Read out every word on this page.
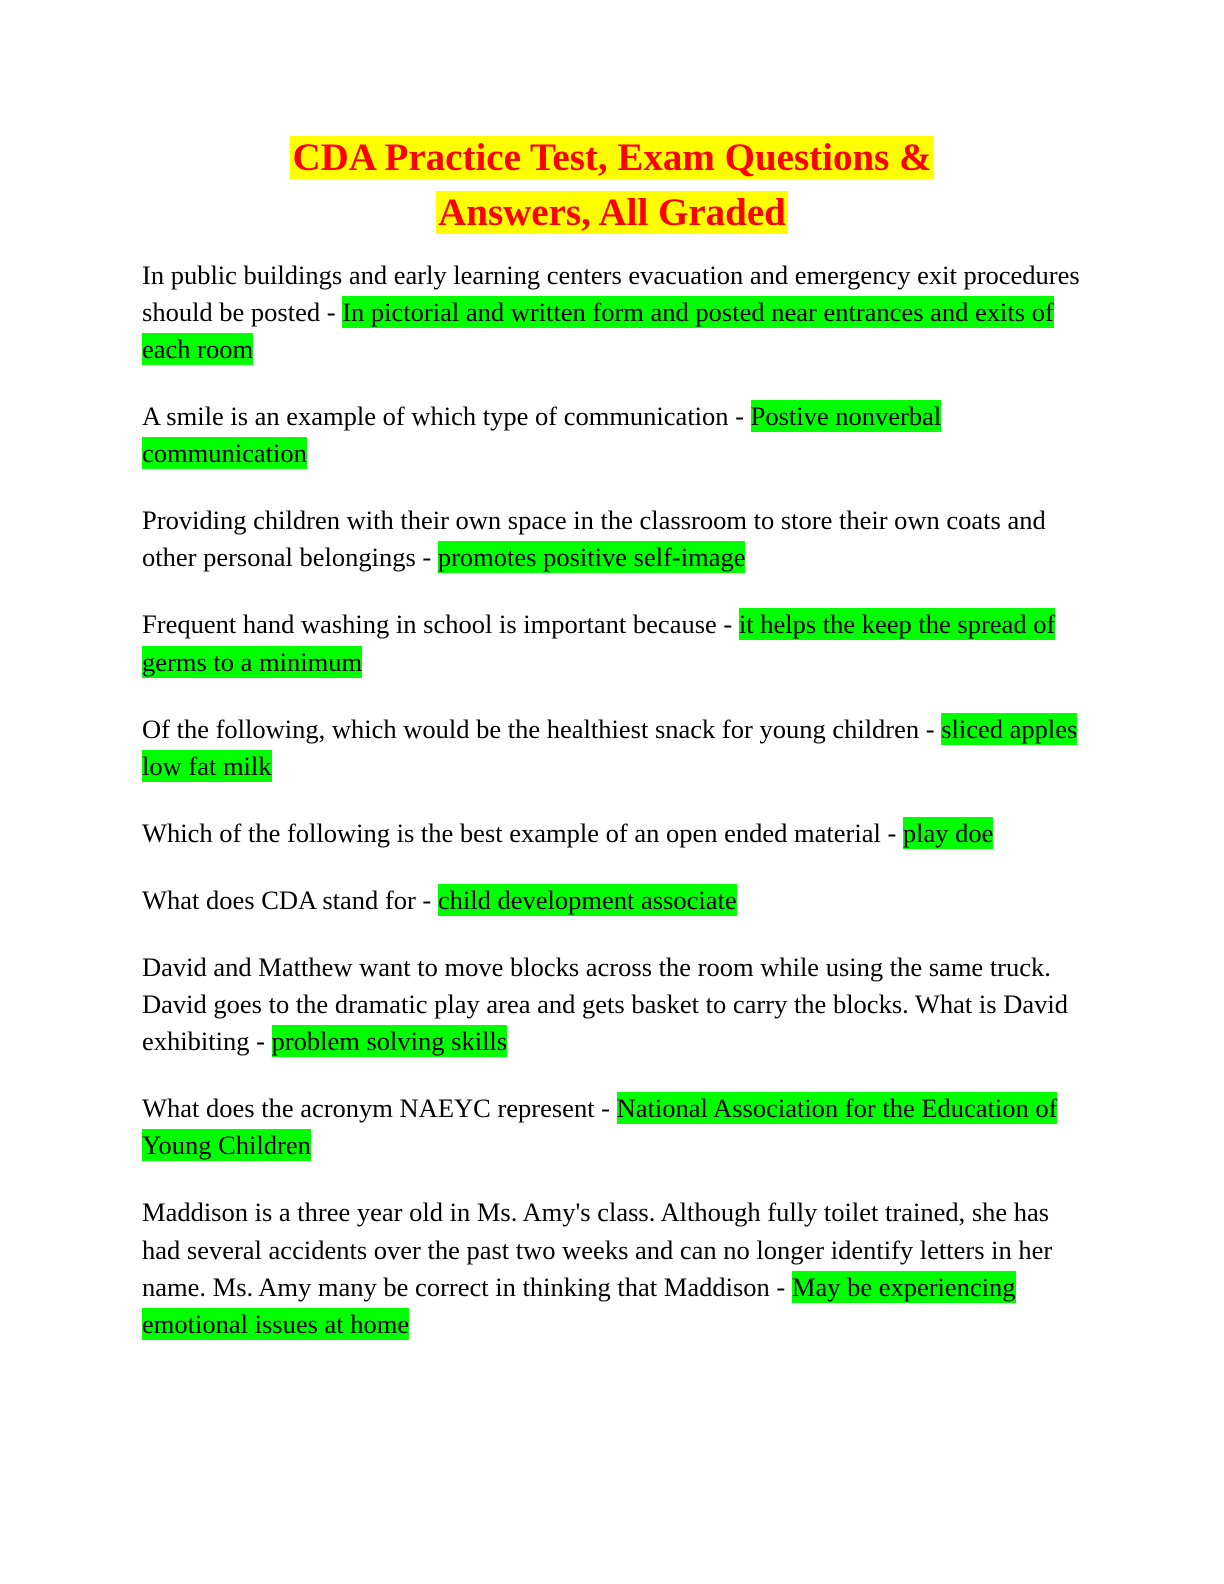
CDA Practice Test, Exam Questions &
Answers, All Graded

In public buildings and early learning centers evacuation and emergency exit procedures should be posted - In pictorial and written form and posted near entrances and exits of each room

A smile is an example of which type of communication - Postive nonverbal communication

Providing children with their own space in the classroom to store their own coats and other personal belongings - promotes positive self-image

Frequent hand washing in school is important because - it helps the keep the spread of germs to a minimum

Of the following, which would be the healthiest snack for young children - sliced apples low fat milk

Which of the following is the best example of an open ended material - play doe

What does CDA stand for - child development associate

David and Matthew want to move blocks across the room while using the same truck. David goes to the dramatic play area and gets basket to carry the blocks. What is David exhibiting - problem solving skills

What does the acronym NAEYC represent - National Association for the Education of Young Children

Maddison is a three year old in Ms. Amy's class. Although fully toilet trained, she has had several accidents over the past two weeks and can no longer identify letters in her name. Ms. Amy many be correct in thinking that Maddison - May be experiencing emotional issues at home
